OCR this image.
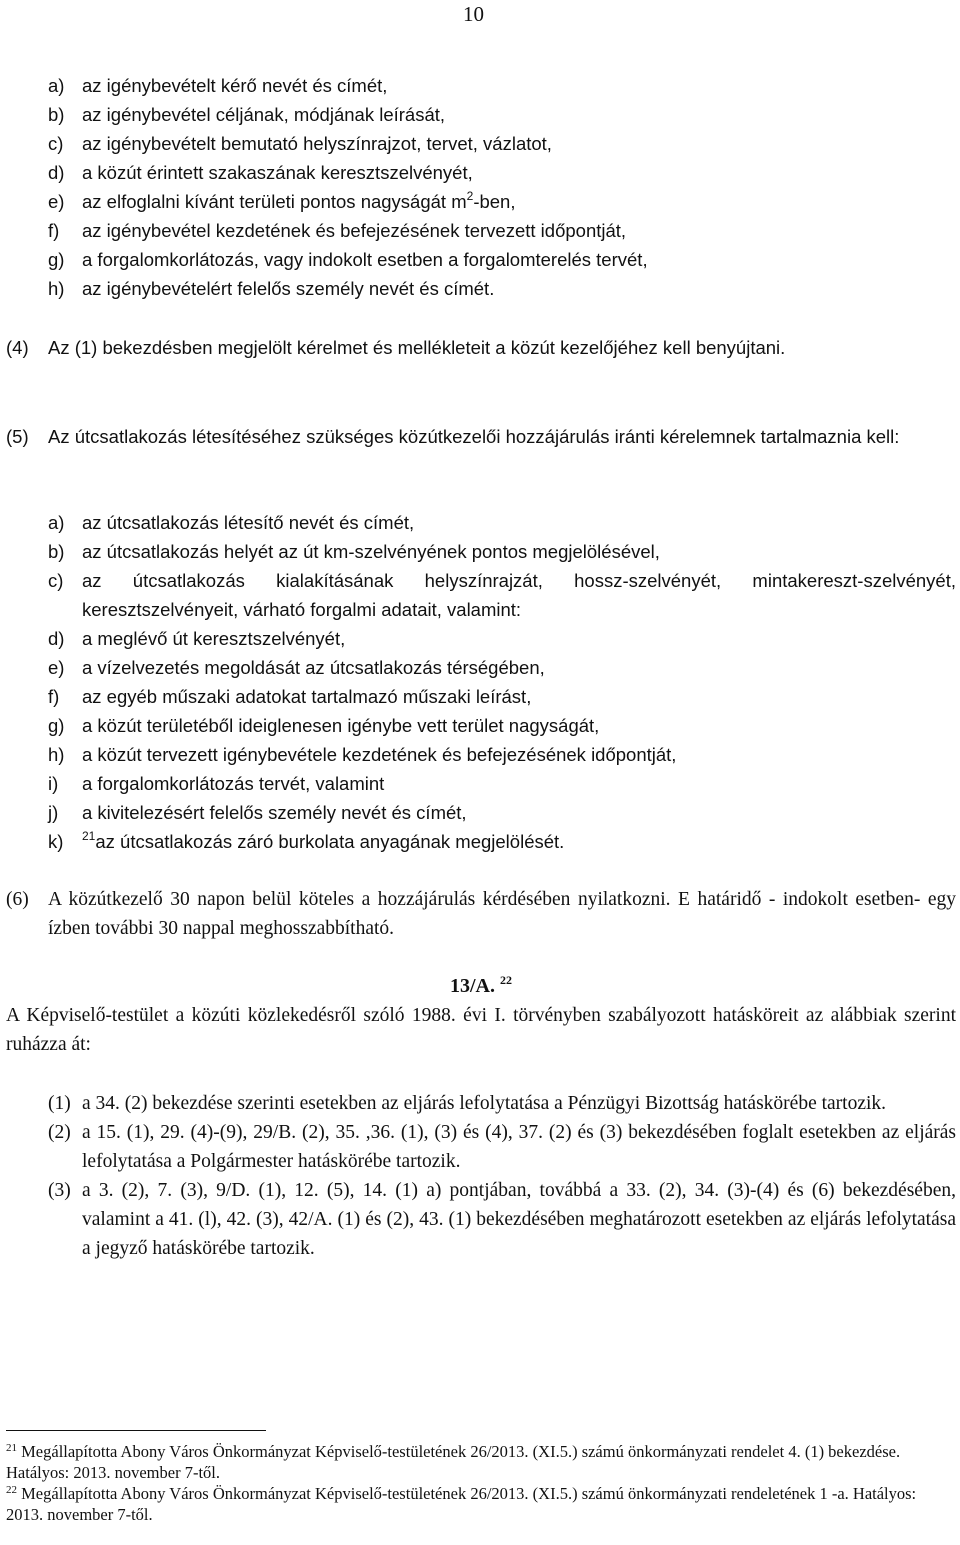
10
a) az igénybevételt kérő nevét és címét,
b) az igénybevétel céljának, módjának leírását,
c) az igénybevételt bemutató helyszínrajzot, tervet, vázlatot,
d) a közút érintett szakaszának keresztszelvényét,
e) az elfoglalni kívánt területi pontos nagyságát $m^2$-ben,
f) az igénybevétel kezdetének és befejezésének tervezett időpontját,
g) a forgalomkorlátozás, vagy indokolt esetben a forgalomterelés tervét,
h) az igénybevételért felelős személy nevét és címét.
(4) Az (1) bekezdésben megjelölt kérelmet és mellékleteit a közút kezelőjéhez kell benyújtani.
(5) Az útcsatlakozás létesítéséhez szükséges közútkezelői hozzájárulás iránti kérelemnek tartalmaznia kell:
a) az útcsatlakozás létesítő nevét és címét,
b) az útcsatlakozás helyét az út km-szelvényének pontos megjelölésével,
c) az útcsatlakozás kialakításának helyszínrajzát, hossz-szelvényét, mintakereszt-szelvényét, keresztszelvényeit, várható forgalmi adatait, valamint:
d) a meglévő út keresztszelvényét,
e) a vízelvezetés megoldását az útcsatlakozás térségében,
f) az egyéb műszaki adatokat tartalmazó műszaki leírást,
g) a közút területéből ideiglenesen igénybe vett terület nagyságát,
h) a közút tervezett igénybevétele kezdetének és befejezésének időpontját,
i) a forgalomkorlátozás tervét, valamint
j) a kivitelezésért felelős személy nevét és címét,
k) $^{21}$az útcsatlakozás záró burkolata anyagának megjelölését.
(6) A közútkezelő 30 napon belül köteles a hozzájárulás kérdésében nyilatkozni. E határidő - indokolt esetben- egy ízben további 30 nappal meghosszabbítható.
13/A. $^{22}$
A Képviselő-testület a közúti közlekedésről szóló 1988. évi I. törvényben szabályozott hatásköreit az alábbiak szerint ruházza át:
(1) a 34. (2) bekezdése szerinti esetekben az eljárás lefolytatása a Pénzügyi Bizottság hatáskörébe tartozik.
(2) a 15. (1), 29. (4)-(9), 29/B. (2), 35. ,36. (1), (3) és (4), 37. (2) és (3) bekezdésében foglalt esetekben az eljárás lefolytatása a Polgármester hatáskörébe tartozik.
(3) a 3. (2), 7. (3), 9/D. (1), 12. (5), 14. (1) a) pontjában, továbbá a 33. (2), 34. (3)-(4) és (6) bekezdésében, valamint a 41. (l), 42. (3), 42/A. (1) és (2), 43. (1) bekezdésében meghatározott esetekben az eljárás lefolytatása a jegyző hatáskörébe tartozik.
$^{21}$ Megállapította Abony Város Önkormányzat Képviselő-testületének 26/2013. (XI.5.) számú önkormányzati rendelet 4. (1) bekezdése. Hatályos: 2013. november 7-től.
$^{22}$ Megállapította Abony Város Önkormányzat Képviselő-testületének 26/2013. (XI.5.) számú önkormányzati rendeletének 1 -a. Hatályos: 2013. november 7-től.
